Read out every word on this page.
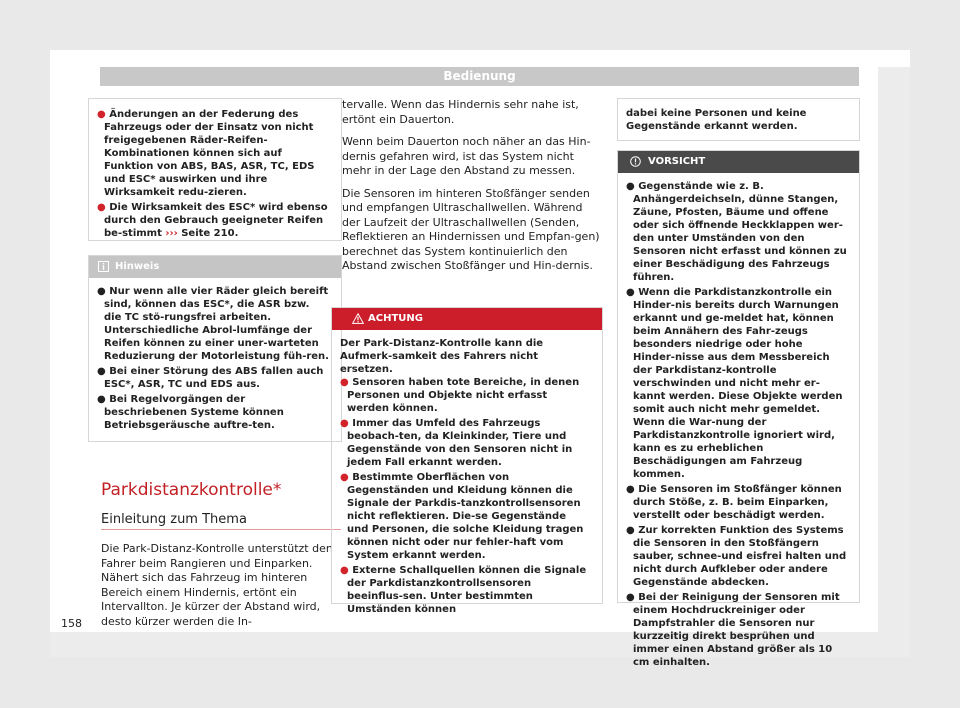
Bedienung

● Änderungen an der Federung des Fahrzeugs oder der Einsatz von nicht freigegebenen Räder-Reifen-Kombinationen können sich auf Funktion von ABS, BAS, ASR, TC, EDS und ESC* auswirken und ihre Wirksamkeit redu-zieren.

● Die Wirksamkeit des ESC* wird ebenso durch den Gebrauch geeigneter Reifen be-stimmt ››› Seite 210.

Hinweis

● Nur wenn alle vier Räder gleich bereift sind, können das ESC*, die ASR bzw. die TC stö-rungsfrei arbeiten. Unterschiedliche Abrol-lumfänge der Reifen können zu einer uner-warteten Reduzierung der Motorleistung füh-ren.

● Bei einer Störung des ABS fallen auch ESC*, ASR, TC und EDS aus.

● Bei Regelvorgängen der beschriebenen Systeme können Betriebsgeräusche auftre-ten.

Parkdistanzkontrolle*
Einleitung zum Thema
Die Park-Distanz-Kontrolle unterstützt den Fahrer beim Rangieren und Einparken. Nähert sich das Fahrzeug im hinteren Bereich einem Hindernis, ertönt ein Intervallton. Je kürzer der Abstand wird, desto kürzer werden die In-

tervalle. Wenn das Hindernis sehr nahe ist, ertönt ein Dauerton.

Wenn beim Dauerton noch näher an das Hin-dernis gefahren wird, ist das System nicht mehr in der Lage den Abstand zu messen.

Die Sensoren im hinteren Stoßfänger senden und empfangen Ultraschallwellen. Während der Laufzeit der Ultraschallwellen (Senden, Reflektieren an Hindernissen und Empfan-gen) berechnet das System kontinuierlich den Abstand zwischen Stoßfänger und Hin-dernis.

ACHTUNG

Der Park-Distanz-Kontrolle kann die Aufmerk-samkeit des Fahrers nicht ersetzen.

● Sensoren haben tote Bereiche, in denen Personen und Objekte nicht erfasst werden können.

● Immer das Umfeld des Fahrzeugs beobach-ten, da Kleinkinder, Tiere und Gegenstände von den Sensoren nicht in jedem Fall erkannt werden.

● Bestimmte Oberflächen von Gegenständen und Kleidung können die Signale der Parkdis-tanzkontrollsensoren nicht reflektieren. Die-se Gegenstände und Personen, die solche Kleidung tragen können nicht oder nur fehler-haft vom System erkannt werden.

● Externe Schallquellen können die Signale der Parkdistanzkontrollsensoren beeinflus-sen. Unter bestimmten Umständen können

dabei keine Personen und keine Gegenstände erkannt werden.

VORSICHT

● Gegenstände wie z. B. Anhängerdeichseln, dünne Stangen, Zäune, Pfosten, Bäume und offene oder sich öffnende Heckklappen wer-den unter Umständen von den Sensoren nicht erfasst und können zu einer Beschädigung des Fahrzeugs führen.

● Wenn die Parkdistanzkontrolle ein Hinder-nis bereits durch Warnungen erkannt und ge-meldet hat, können beim Annähern des Fahr-zeugs besonders niedrige oder hohe Hinder-nisse aus dem Messbereich der Parkdistanz-kontrolle verschwinden und nicht mehr er-kannt werden. Diese Objekte werden somit auch nicht mehr gemeldet. Wenn die War-nung der Parkdistanzkontrolle ignoriert wird, kann es zu erheblichen Beschädigungen am Fahrzeug kommen.

● Die Sensoren im Stoßfänger können durch Stöße, z. B. beim Einparken, verstellt oder beschädigt werden.

● Zur korrekten Funktion des Systems die Sensoren in den Stoßfängern sauber, schnee-und eisfrei halten und nicht durch Aufkleber oder andere Gegenstände abdecken.

● Bei der Reinigung der Sensoren mit einem Hochdruckreiniger oder Dampfstrahler die Sensoren nur kurzzeitig direkt besprühen und immer einen Abstand größer als 10 cm einhalten.

158
